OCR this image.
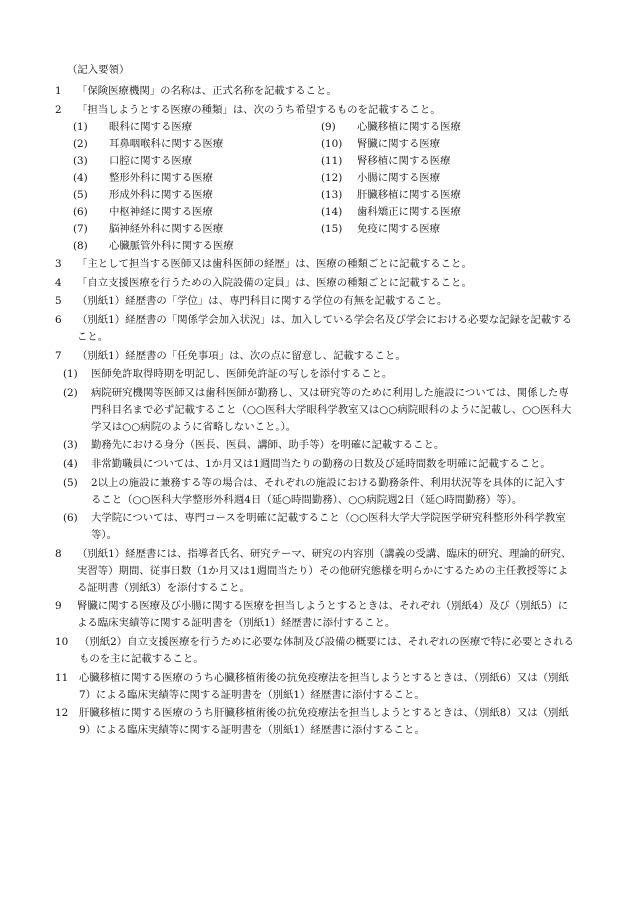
（記入要領）
1	「保険医療機関」の名称は、正式名称を記載すること。
2	「担当しようとする医療の種類」は、次のうち希望するものを記載すること。
(1)	眼科に関する医療
(2)	耳鼻咽喉科に関する医療
(3)	口腔に関する医療
(4)	整形外科に関する医療
(5)	形成外科に関する医療
(6)	中枢神経に関する医療
(7)	脳神経外科に関する医療
(8)	心臓脈管外科に関する医療
(9)	心臓移植に関する医療
(10)	腎臓に関する医療
(11)	腎移植に関する医療
(12)	小腸に関する医療
(13)	肝臓移植に関する医療
(14)	歯科矯正に関する医療
(15)	免疫に関する医療
3	「主として担当する医師又は歯科医師の経歴」は、医療の種類ごとに記載すること。
4	「自立支援医療を行うための入院設備の定員」は、医療の種類ごとに記載すること。
5	（別紙1）経歴書の「学位」は、専門科目に関する学位の有無を記載すること。
6	（別紙1）経歴書の「関係学会加入状況」は、加入している学会名及び学会における必要な記録を記載すること。
7	（別紙1）経歴書の「任免事項」は、次の点に留意し、記載すること。
(1)	医師免許取得時期を明記し、医師免許証の写しを添付すること。
(2)	病院研究機関等医師又は歯科医師が勤務し、又は研究等のために利用した施設については、関係した専門科目名まで必ず記載すること（○○医科大学眼科学教室又は○○病院眼科のように記載し、○○医科大学又は○○病院のように省略しないこと。）。
(3)	勤務先における身分（医長、医員、講師、助手等）を明確に記載すること。
(4)	非常勤職員については、1か月又は1週間当たりの勤務の日数及び延時間数を明確に記載すること。
(5)	2以上の施設に兼務する等の場合は、それぞれの施設における勤務条件、利用状況等を具体的に記入すること（○○医科大学整形外科週4日（延○時間勤務）、○○病院週2日（延○時間勤務）等）。
(6)	大学院については、専門コースを明確に記載すること（○○医科大学大学院医学研究科整形外科学教室等）。
8	（別紙1）経歴書には、指導者氏名、研究テーマ、研究の内容別（講義の受講、臨床的研究、理論的研究、実習等）期間、従事日数（1か月又は1週間当たり）その他研究態様を明らかにするための主任教授等による証明書（別紙3）を添付すること。
9	腎臓に関する医療及び小腸に関する医療を担当しようとするときは、それぞれ（別紙4）及び（別紙5）による臨床実績等に関する証明書を（別紙1）経歴書に添付すること。
10	（別紙2）自立支援医療を行うために必要な体制及び設備の概要には、それぞれの医療で特に必要とされるものを主に記載すること。
11	心臓移植に関する医療のうち心臓移植術後の抗免疫療法を担当しようとするときは、（別紙6）又は（別紙7）による臨床実績等に関する証明書を（別紙1）経歴書に添付すること。
12	肝臓移植に関する医療のうち肝臓移植術後の抗免疫療法を担当しようとするときは、（別紙8）又は（別紙9）による臨床実績等に関する証明書を（別紙1）経歴書に添付すること。
